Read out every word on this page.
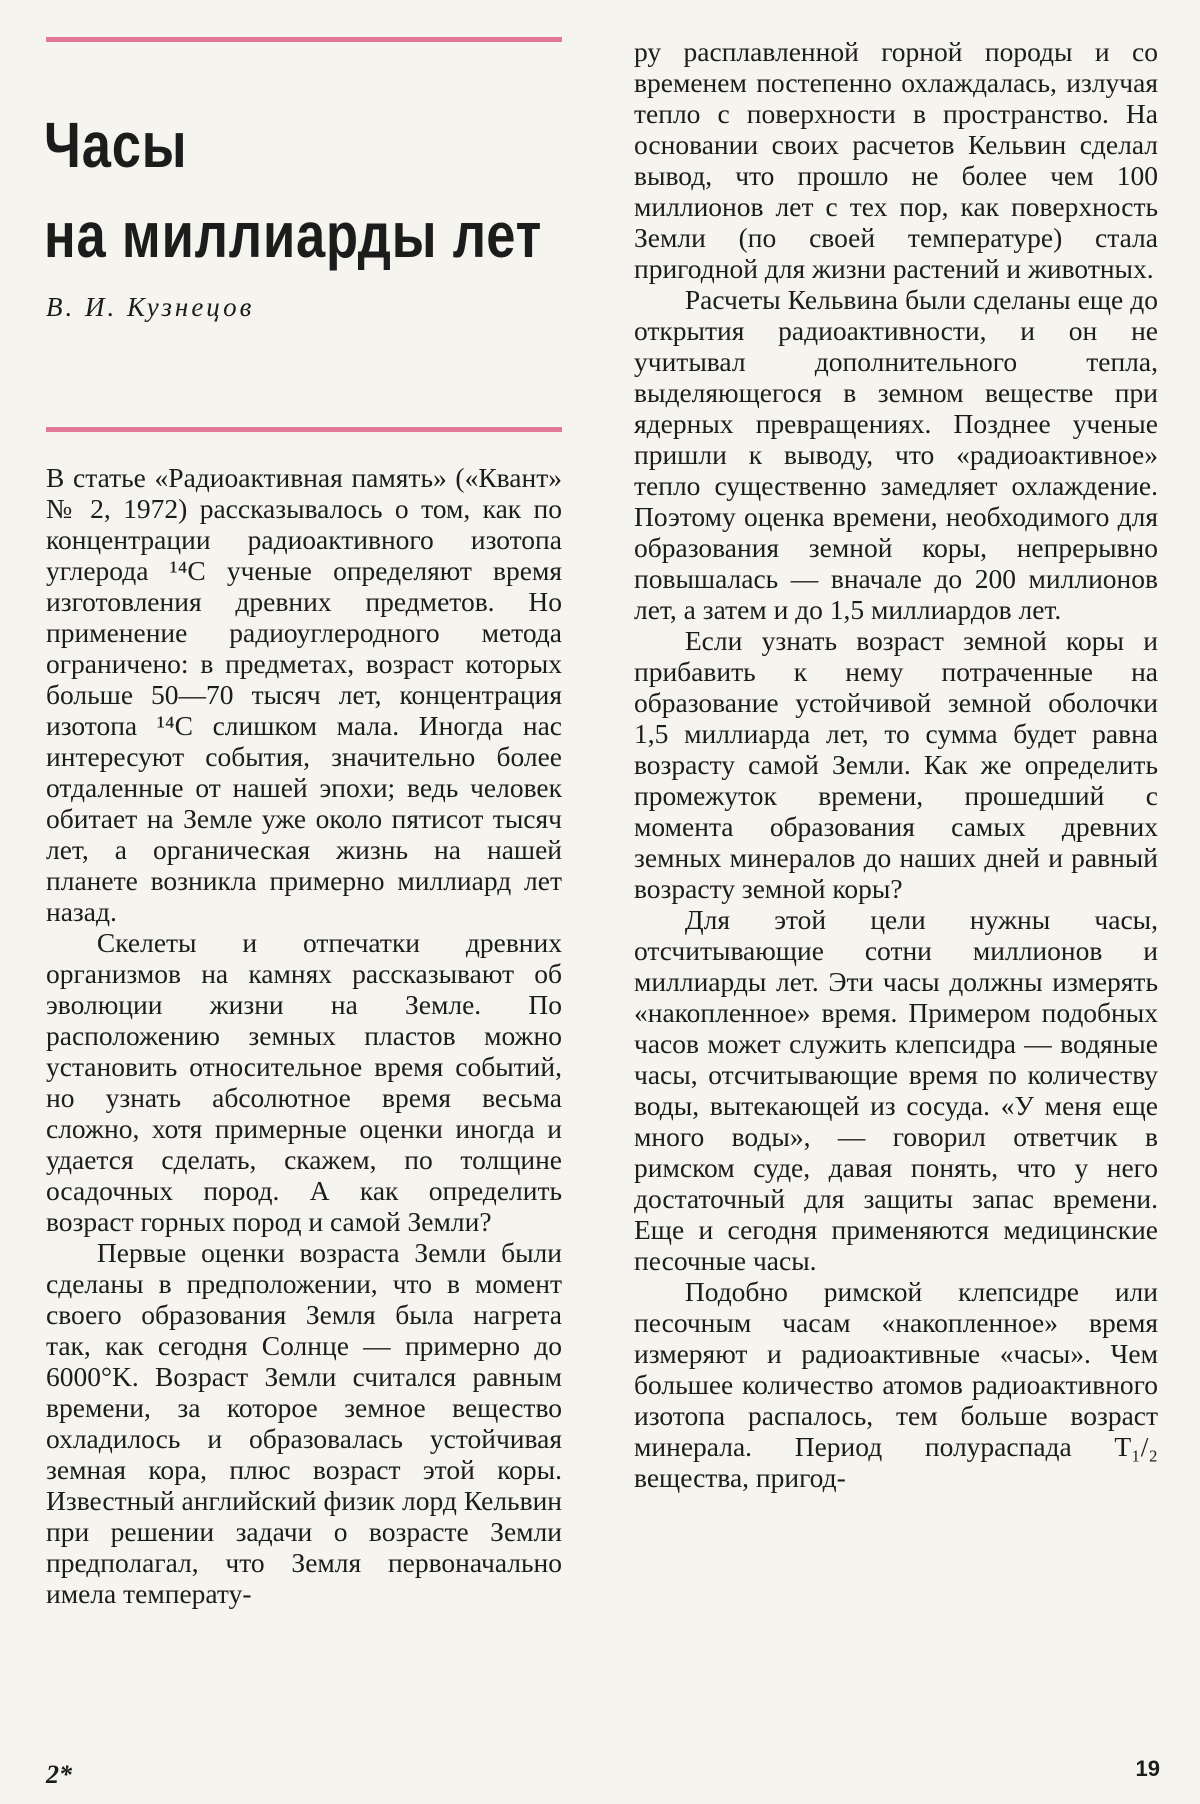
Часы
на миллиарды лет
В. И. Кузнецов

В статье «Радиоактивная память» («Квант» № 2, 1972) рассказывалось о том, как по концентрации радиоактивного изотопа углерода ¹⁴C ученые определяют время изготовления древних предметов. Но применение радиоуглеродного метода ограничено: в предметах, возраст которых больше 50—70 тысяч лет, концентрация изотопа ¹⁴C слишком мала. Иногда нас интересуют события, значительно более отдаленные от нашей эпохи; ведь человек обитает на Земле уже около пятисот тысяч лет, а органическая жизнь на нашей планете возникла примерно миллиард лет назад.

Скелеты и отпечатки древних организмов на камнях рассказывают об эволюции жизни на Земле. По расположению земных пластов можно установить относительное время событий, но узнать абсолютное время весьма сложно, хотя примерные оценки иногда и удается сделать, скажем, по толщине осадочных пород. А как определить возраст горных пород и самой Земли?

Первые оценки возраста Земли были сделаны в предположении, что в момент своего образования Земля была нагрета так, как сегодня Солнце — примерно до 6000°K. Возраст Земли считался равным времени, за которое земное вещество охладилось и образовалась устойчивая земная кора, плюс возраст этой коры. Известный английский физик лорд Кельвин при решении задачи о возрасте Земли предполагал, что Земля первоначально имела температу-

ру расплавленной горной породы и со временем постепенно охлаждалась, излучая тепло с поверхности в пространство. На основании своих расчетов Кельвин сделал вывод, что прошло не более чем 100 миллионов лет с тех пор, как поверхность Земли (по своей температуре) стала пригодной для жизни растений и животных.

Расчеты Кельвина были сделаны еще до открытия радиоактивности, и он не учитывал дополнительного тепла, выделяющегося в земном веществе при ядерных превращениях. Позднее ученые пришли к выводу, что «радиоактивное» тепло существенно замедляет охлаждение. Поэтому оценка времени, необходимого для образования земной коры, непрерывно повышалась — вначале до 200 миллионов лет, а затем и до 1,5 миллиардов лет.

Если узнать возраст земной коры и прибавить к нему потраченные на образование устойчивой земной оболочки 1,5 миллиарда лет, то сумма будет равна возрасту самой Земли. Как же определить промежуток времени, прошедший с момента образования самых древних земных минералов до наших дней и равный возрасту земной коры?

Для этой цели нужны часы, отсчитывающие сотни миллионов и миллиарды лет. Эти часы должны измерять «накопленное» время. Примером подобных часов может служить клепсидра — водяные часы, отсчитывающие время по количеству воды, вытекающей из сосуда. «У меня еще много воды», — говорил ответчик в римском суде, давая понять, что у него достаточный для защиты запас времени. Еще и сегодня применяются медицинские песочные часы.

Подобно римской клепсидре или песочным часам «накопленное» время измеряют и радиоактивные «часы». Чем большее количество атомов радиоактивного изотопа распалось, тем больше возраст минерала. Период полураспада T₁/₂ вещества, пригод-

2*	19
